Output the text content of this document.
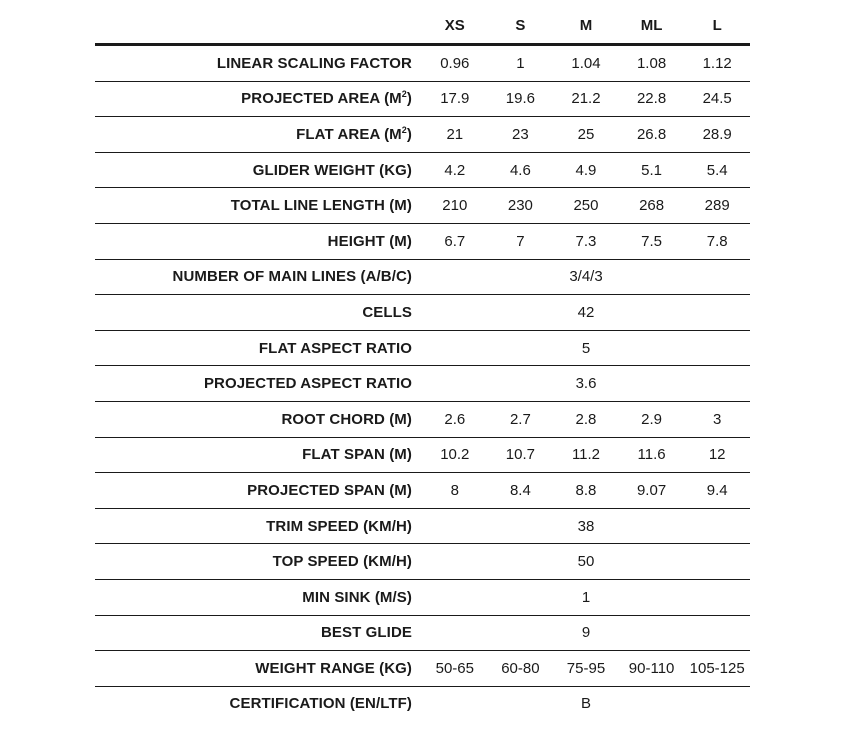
	XS	S	M	ML	L
LINEAR SCALING FACTOR	0.96	1	1.04	1.08	1.12
PROJECTED AREA $(M^2)$	17.9	19.6	21.2	22.8	24.5
FLAT AREA $(M^2)$	21	23	25	26.8	28.9
GLIDER WEIGHT (KG)	4.2	4.6	4.9	5.1	5.4
TOTAL LINE LENGTH (M)	210	230	250	268	289
HEIGHT (M)	6.7	7	7.3	7.5	7.8
NUMBER OF MAIN LINES (A/B/C)	3/4/3				
CELLS	42				
FLAT ASPECT RATIO	5				
PROJECTED ASPECT RATIO	3.6				
ROOT CHORD (M)	2.6	2.7	2.8	2.9	3
FLAT SPAN (M)	10.2	10.7	11.2	11.6	12
PROJECTED SPAN (M)	8	8.4	8.8	9.07	9.4
TRIM SPEED (KM/H)	38				
TOP SPEED (KM/H)	50				
MIN SINK (M/S)	1				
BEST GLIDE	9				
WEIGHT RANGE (KG)	50-65	60-80	75-95	90-110	105-125
CERTIFICATION (EN/LTF)	B				
